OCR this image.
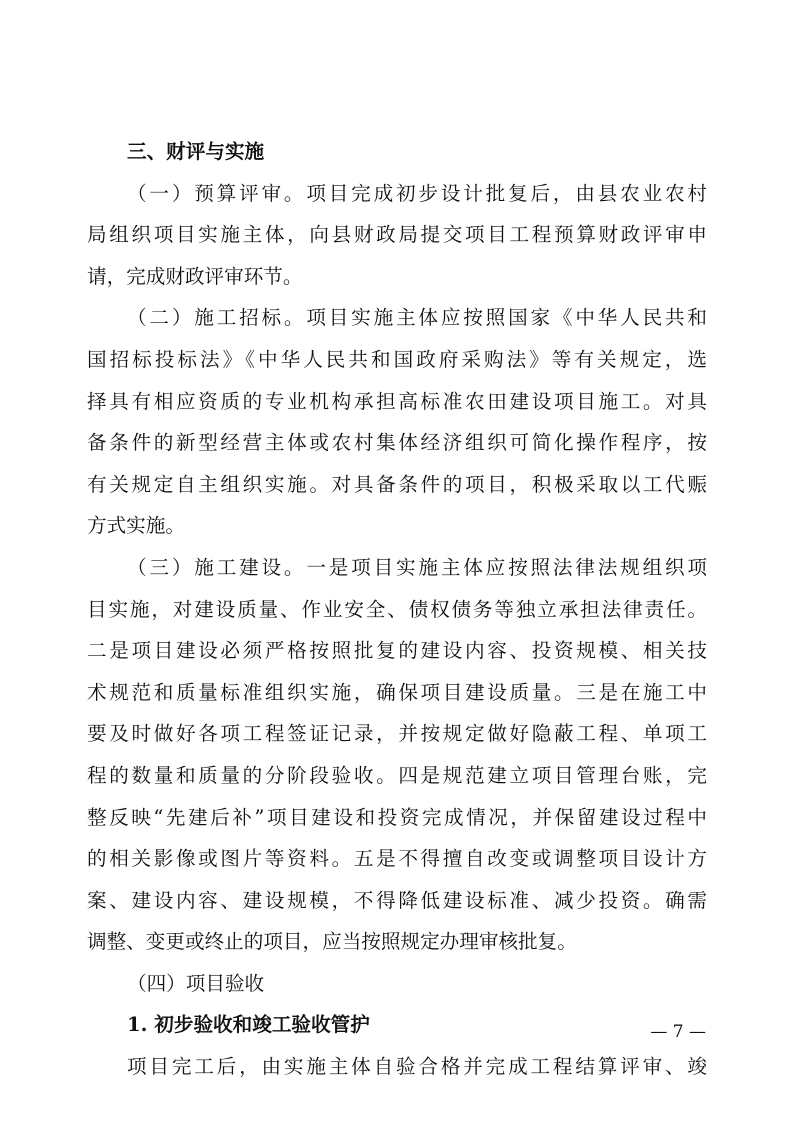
三、财评与实施
（一）预算评审。项目完成初步设计批复后，由县农业农村
局组织项目实施主体，向县财政局提交项目工程预算财政评审申
请，完成财政评审环节。
（二）施工招标。项目实施主体应按照国家《中华人民共和
国招标投标法》《中华人民共和国政府采购法》等有关规定，选
择具有相应资质的专业机构承担高标准农田建设项目施工。对具
备条件的新型经营主体或农村集体经济组织可简化操作程序，按
有关规定自主组织实施。对具备条件的项目，积极采取以工代赈
方式实施。
（三）施工建设。一是项目实施主体应按照法律法规组织项
目实施，对建设质量、作业安全、债权债务等独立承担法律责任。
二是项目建设必须严格按照批复的建设内容、投资规模、相关技
术规范和质量标准组织实施，确保项目建设质量。三是在施工中
要及时做好各项工程签证记录，并按规定做好隐蔽工程、单项工
程的数量和质量的分阶段验收。四是规范建立项目管理台账，完
整反映“先建后补”项目建设和投资完成情况，并保留建设过程中
的相关影像或图片等资料。五是不得擅自改变或调整项目设计方
案、建设内容、建设规模，不得降低建设标准、减少投资。确需
调整、变更或终止的项目，应当按照规定办理审核批复。
（四）项目验收
1. 初步验收和竣工验收管护
项目完工后，由实施主体自验合格并完成工程结算评审、竣
— 7 —
